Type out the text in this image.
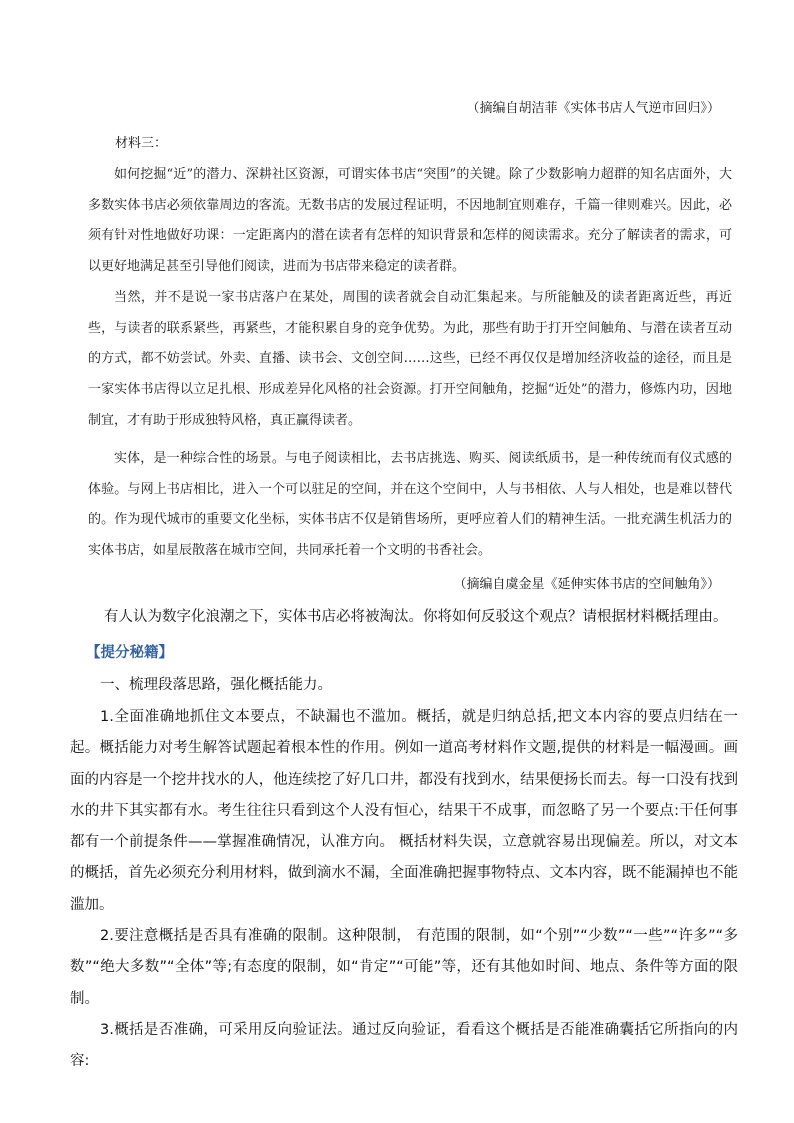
（摘编自胡洁菲《实体书店人气逆市回归》）

材料三：

如何挖掘“近”的潜力、深耕社区资源，可谓实体书店“突围”的关键。除了少数影响力超群的知名店面外，大多数实体书店必须依靠周边的客流。无数书店的发展过程证明，不因地制宜则难存，千篇一律则难兴。因此，必须有针对性地做好功课：一定距离内的潜在读者有怎样的知识背景和怎样的阅读需求。充分了解读者的需求，可以更好地满足甚至引导他们阅读，进而为书店带来稳定的读者群。

当然，并不是说一家书店落户在某处，周围的读者就会自动汇集起来。与所能触及的读者距离近些，再近些，与读者的联系紧些，再紧些，才能积累自身的竞争优势。为此，那些有助于打开空间触角、与潜在读者互动的方式，都不妨尝试。外卖、直播、读书会、文创空间……这些，已经不再仅仅是增加经济收益的途径，而且是一家实体书店得以立足扎根、形成差异化风格的社会资源。打开空间触角，挖掘“近处”的潜力，修炼内功，因地制宜，才有助于形成独特风格，真正赢得读者。

实体，是一种综合性的场景。与电子阅读相比，去书店挑选、购买、阅读纸质书，是一种传统而有仪式感的体验。与网上书店相比，进入一个可以驻足的空间，并在这个空间中，人与书相依、人与人相处，也是难以替代的。作为现代城市的重要文化坐标，实体书店不仅是销售场所，更呼应着人们的精神生活。一批充满生机活力的实体书店，如星辰散落在城市空间，共同承托着一个文明的书香社会。

（摘编自虞金星《延伸实体书店的空间触角》）

有人认为数字化浪潮之下，实体书店必将被淘汰。你将如何反驳这个观点？请根据材料概括理由。

【提分秘籍】

一、梳理段落思路，强化概括能力。

1.全面准确地抓住文本要点，不缺漏也不滥加。概括，就是归纳总括,把文本内容的要点归结在一起。概括能力对考生解答试题起着根本性的作用。例如一道高考材料作文题,提供的材料是一幅漫画。画面的内容是一个挖井找水的人，他连续挖了好几口井，都没有找到水，结果便扬长而去。每一口没有找到水的井下其实都有水。考生往往只看到这个人没有恒心，结果干不成事，而忽略了另一个要点:干任何事都有一个前提条件——掌握准确情况，认准方向。 概括材料失误，立意就容易出现偏差。所以，对文本的概括，首先必须充分利用材料，做到滴水不漏，全面准确把握事物特点、文本内容，既不能漏掉也不能滥加。

2.要注意概括是否具有准确的限制。这种限制， 有范围的限制，如“个别”“少数”“一些”“许多”“多数”“绝大多数”“全体”等;有态度的限制，如“肯定”“可能”等，还有其他如时间、地点、条件等方面的限制。

3.概括是否准确，可采用反向验证法。通过反向验证，看看这个概括是否能准确囊括它所指向的内容:
